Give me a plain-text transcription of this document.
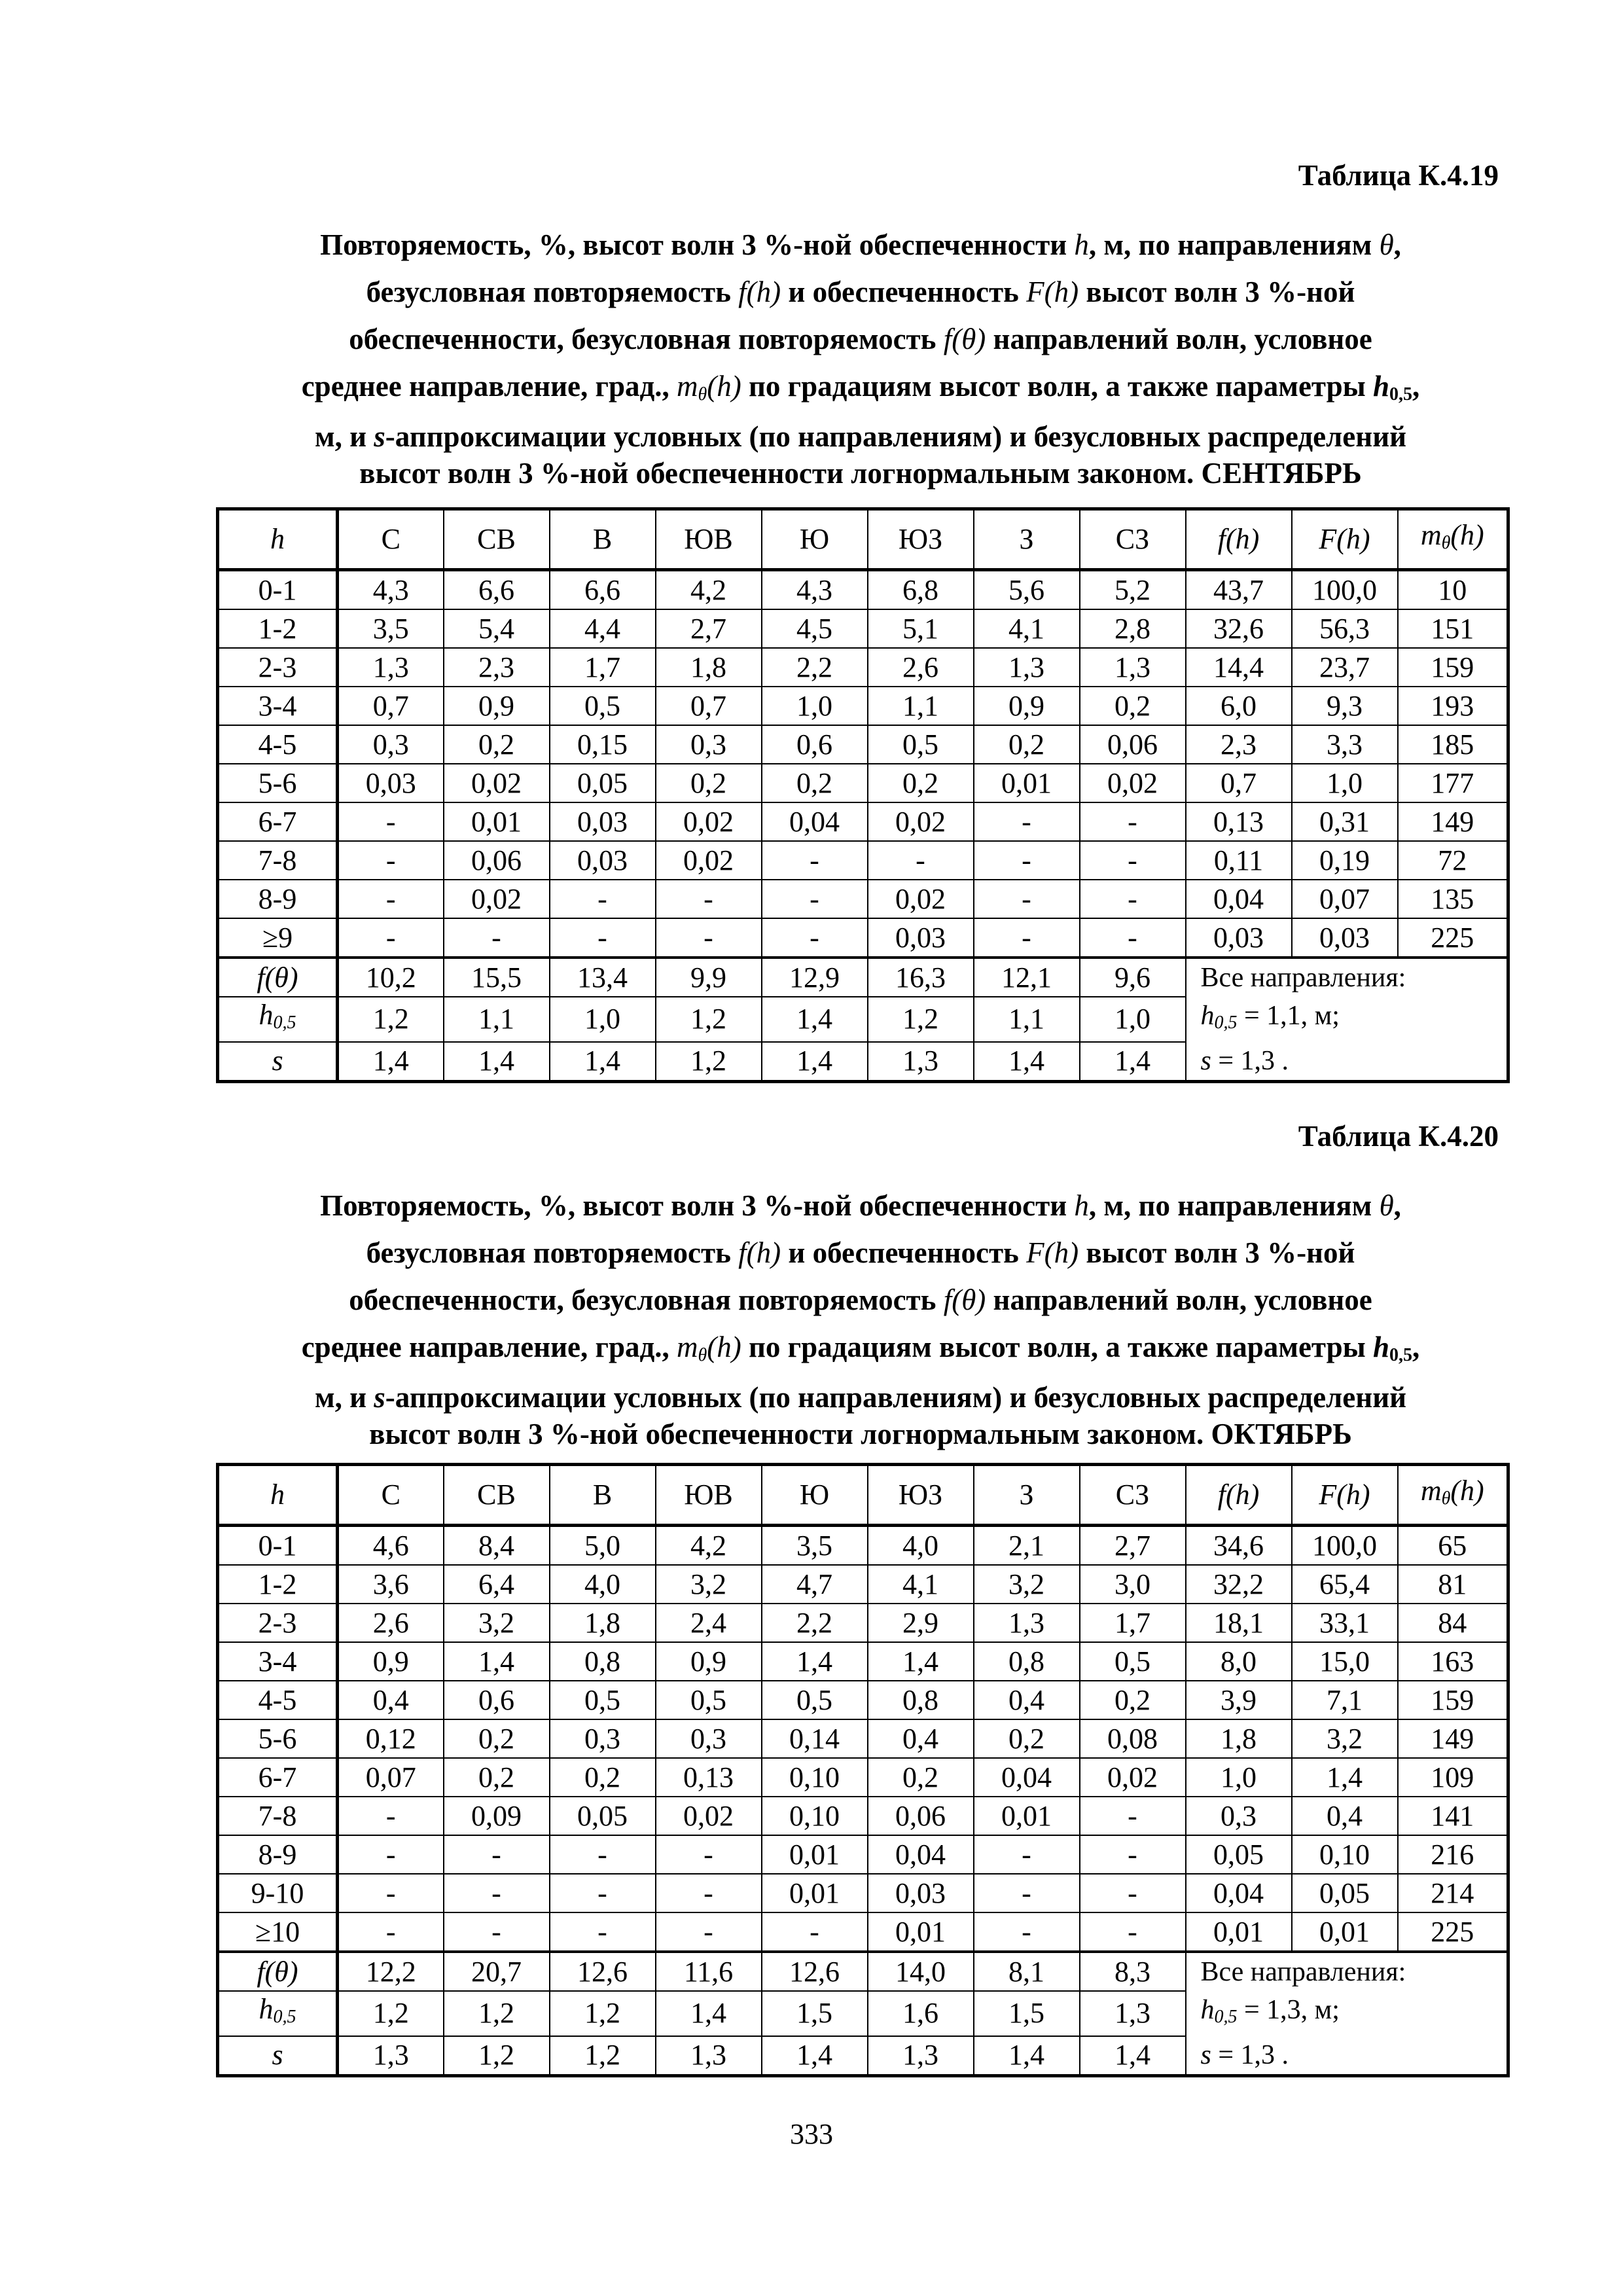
Таблица К.4.19
Повторяемость, %, высот волн 3 %-ной обеспеченности h, м, по направлениям θ,
безусловная повторяемость f(h) и обеспеченность F(h) высот волн 3 %-ной
обеспеченности, безусловная повторяемость f(θ) направлений волн, условное
среднее направление, град., $m_\theta(h)$ по градациям высот волн, а также параметры $h_{0,5}$,
м, и s-аппроксимации условных (по направлениям) и безусловных распределений
высот волн 3 %-ной обеспеченности логнормальным законом. СЕНТЯБРЬ
h	С	СВ	В	ЮВ	Ю	ЮЗ	З	СЗ	f(h)	F(h)	$m_\theta(h)$
0-1	4,3	6,6	6,6	4,2	4,3	6,8	5,6	5,2	43,7	100,0	10
1-2	3,5	5,4	4,4	2,7	4,5	5,1	4,1	2,8	32,6	56,3	151
2-3	1,3	2,3	1,7	1,8	2,2	2,6	1,3	1,3	14,4	23,7	159
3-4	0,7	0,9	0,5	0,7	1,0	1,1	0,9	0,2	6,0	9,3	193
4-5	0,3	0,2	0,15	0,3	0,6	0,5	0,2	0,06	2,3	3,3	185
5-6	0,03	0,02	0,05	0,2	0,2	0,2	0,01	0,02	0,7	1,0	177
6-7	-	0,01	0,03	0,02	0,04	0,02	-	-	0,13	0,31	149
7-8	-	0,06	0,03	0,02	-	-	-	-	0,11	0,19	72
8-9	-	0,02	-	-	-	0,02	-	-	0,04	0,07	135
≥9	-	-	-	-	-	0,03	-	-	0,03	0,03	225
f(θ)	10,2	15,5	13,4	9,9	12,9	16,3	12,1	9,6	Все направления:
$h_{0,5} = 1,1$, м;
s = 1,3 .		

$h_{0,5}$	1,2	1,1	1,0	1,2	1,4	1,2	1,1	1,0			
s	1,4	1,4	1,4	1,2	1,4	1,3	1,4	1,4			
Таблица К.4.20
Повторяемость, %, высот волн 3 %-ной обеспеченности h, м, по направлениям θ,
безусловная повторяемость f(h) и обеспеченность F(h) высот волн 3 %-ной
обеспеченности, безусловная повторяемость f(θ) направлений волн, условное
среднее направление, град., $m_\theta(h)$ по градациям высот волн, а также параметры $h_{0,5}$,
м, и s-аппроксимации условных (по направлениям) и безусловных распределений
высот волн 3 %-ной обеспеченности логнормальным законом. ОКТЯБРЬ
h	С	СВ	В	ЮВ	Ю	ЮЗ	З	СЗ	f(h)	F(h)	$m_\theta(h)$
0-1	4,6	8,4	5,0	4,2	3,5	4,0	2,1	2,7	34,6	100,0	65
1-2	3,6	6,4	4,0	3,2	4,7	4,1	3,2	3,0	32,2	65,4	81
2-3	2,6	3,2	1,8	2,4	2,2	2,9	1,3	1,7	18,1	33,1	84
3-4	0,9	1,4	0,8	0,9	1,4	1,4	0,8	0,5	8,0	15,0	163
4-5	0,4	0,6	0,5	0,5	0,5	0,8	0,4	0,2	3,9	7,1	159
5-6	0,12	0,2	0,3	0,3	0,14	0,4	0,2	0,08	1,8	3,2	149
6-7	0,07	0,2	0,2	0,13	0,10	0,2	0,04	0,02	1,0	1,4	109
7-8	-	0,09	0,05	0,02	0,10	0,06	0,01	-	0,3	0,4	141
8-9	-	-	-	-	0,01	0,04	-	-	0,05	0,10	216
9-10	-	-	-	-	0,01	0,03	-	-	0,04	0,05	214
≥10	-	-	-	-	-	0,01	-	-	0,01	0,01	225
f(θ)	12,2	20,7	12,6	11,6	12,6	14,0	8,1	8,3	Все направления:
$h_{0,5} = 1,3$, м;
s = 1,3 .		

$h_{0,5}$	1,2	1,2	1,2	1,4	1,5	1,6	1,5	1,3			
s	1,3	1,2	1,2	1,3	1,4	1,3	1,4	1,4			
333
